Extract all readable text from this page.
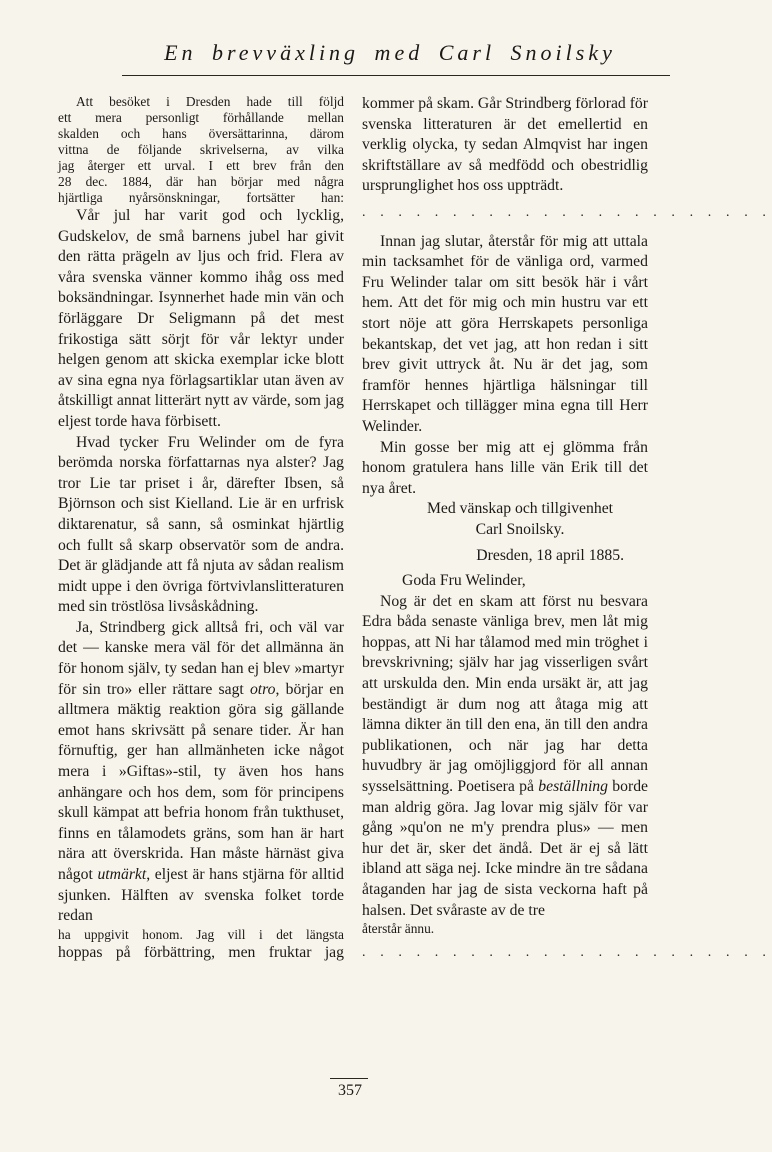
En brevväxling med Carl Snoilsky
Att besöket i Dresden hade till följd
ett mera personligt förhållande mellan
skalden och hans översättarinna, därom
vittna de följande skrivelserna, av vilka
jag återger ett urval. I ett brev från den
28 dec. 1884, där han börjar med några
hjärtliga nyårsönskningar, fortsätter han:

Vår jul har varit god och lycklig, Gudskelov, de små barnens jubel har givit den rätta prägeln av ljus och frid. Flera av våra svenska vänner kommo ihåg oss med boksändningar. Isynnerhet hade min vän och förläggare Dr Seligmann på det mest frikostiga sätt sörjt för vår lektyr under helgen genom att skicka exemplar icke blott av sina egna nya förlagsartiklar utan även av åtskilligt annat litterärt nytt av värde, som jag eljest torde hava förbisett.

Hvad tycker Fru Welinder om de fyra berömda norska författarnas nya alster? Jag tror Lie tar priset i år, därefter Ibsen, så Björnson och sist Kielland. Lie är en urfrisk diktarenatur, så sann, så osminkat hjärtlig och fullt så skarp observatör som de andra. Det är glädjande att få njuta av sådan realism midt uppe i den övriga förtvivlanslitteraturen med sin tröstlösa livsåskådning.

Ja, Strindberg gick alltså fri, och väl var det — kanske mera väl för det allmänna än för honom själv, ty sedan han ej blev »martyr för sin tro» eller rättare sagt otro, börjar en alltmera mäktig reaktion göra sig gällande emot hans skrivsätt på senare tider. Är han förnuftig, ger han allmänheten icke något mera i »Giftas»-stil, ty även hos hans anhängare och hos dem, som för principens skull kämpat att befria honom från tukthuset, finns en tålamodets gräns, som han är hart nära att överskrida. Han måste härnäst giva något utmärkt, eljest är hans stjärna för alltid sjunken. Hälften av svenska folket torde redan

ha uppgivit honom. Jag vill i det längsta

hoppas på förbättring, men fruktar jag

kommer på skam. Går Strindberg förlorad för svenska litteraturen är det emellertid en verklig olycka, ty sedan Almqvist har ingen skriftställare av så medfödd och obestridlig ursprunglighet hos oss uppträdt.

. . . . . . . . . . . . . . . . . . . . . . .

Innan jag slutar, återstår för mig att uttala min tacksamhet för de vänliga ord, varmed Fru Welinder talar om sitt besök här i vårt hem. Att det för mig och min hustru var ett stort nöje att göra Herrskapets personliga bekantskap, det vet jag, att hon redan i sitt brev givit uttryck åt. Nu är det jag, som framför hennes hjärtliga hälsningar till Herrskapet och tillägger mina egna till Herr Welinder.

Min gosse ber mig att ej glömma från honom gratulera hans lille vän Erik till det nya året.

Med vänskap och tillgivenhet

Carl Snoilsky.

Dresden, 18 april 1885.

Goda Fru Welinder,

Nog är det en skam att först nu besvara Edra båda senaste vänliga brev, men låt mig hoppas, att Ni har tålamod med min tröghet i brevskrivning; själv har jag visserligen svårt att urskulda den. Min enda ursäkt är, att jag beständigt är dum nog att åtaga mig att lämna dikter än till den ena, än till den andra publikationen, och när jag har detta huvudbry är jag omöjliggjord för all annan sysselsättning. Poetisera på beställning borde man aldrig göra. Jag lovar mig själv för var gång »qu'on ne m'y prendra plus» — men hur det är, sker det ändå. Det är ej så lätt ibland att säga nej. Icke mindre än tre sådana åtaganden har jag de sista veckorna haft på halsen. Det svåraste av de tre

återstår ännu.

. . . . . . . . . . . . . . . . . . . . . . .
357
